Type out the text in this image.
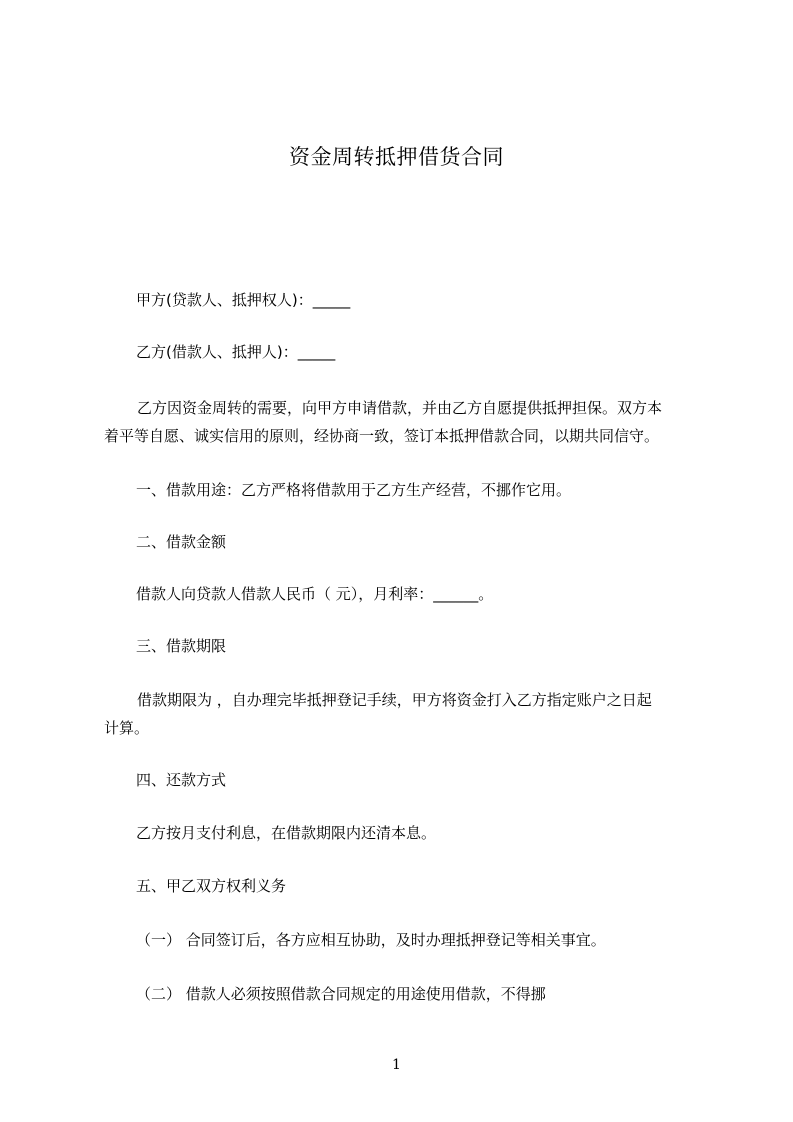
资金周转抵押借货合同
甲方(贷款人、抵押权人)：_____
乙方(借款人、抵押人)：_____
乙方因资金周转的需要，向甲方申请借款，并由乙方自愿提供抵押担保。双方本
着平等自愿、诚实信用的原则，经协商一致，签订本抵押借款合同，以期共同信守。
一、借款用途：乙方严格将借款用于乙方生产经营，不挪作它用。
二、借款金额
借款人向贷款人借款人民币（ 元），月利率：______。
三、借款期限
借款期限为 ，自办理完毕抵押登记手续，甲方将资金打入乙方指定账户之日起
计算。
四、还款方式
乙方按月支付利息，在借款期限内还清本息。
五、甲乙双方权利义务
（一） 合同签订后，各方应相互协助，及时办理抵押登记等相关事宜。
（二） 借款人必须按照借款合同规定的用途使用借款，不得挪
1
